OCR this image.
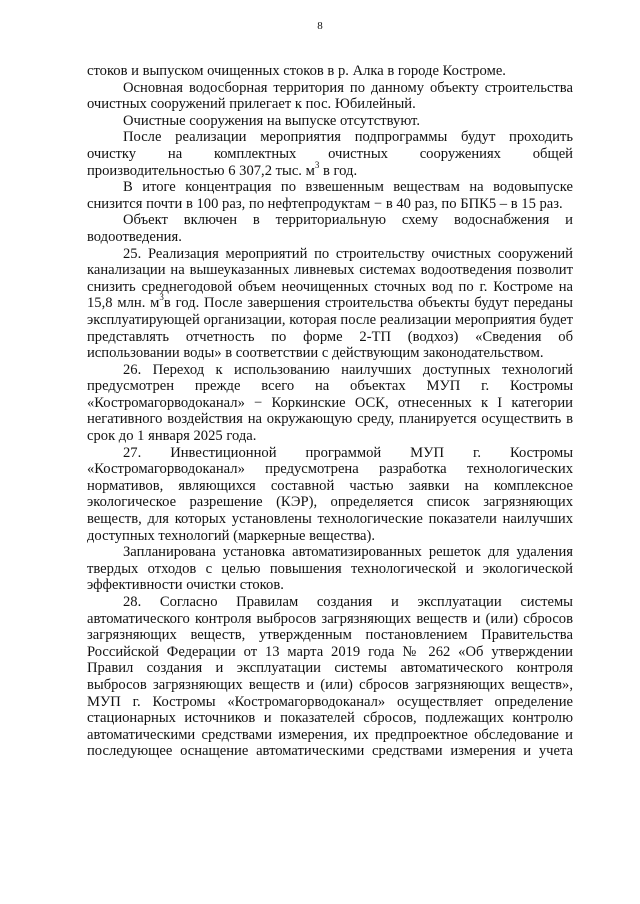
8

стоков и выпуском очищенных стоков в р. Алка в городе Костроме.

Основная водосборная территория по данному объекту строительства очистных сооружений прилегает к пос. Юбилейный.

Очистные сооружения на выпуске отсутствуют.

После реализации мероприятия подпрограммы будут проходить очистку на комплектных очистных сооружениях общей производительностью 6 307,2 тыс. $м^3$ в год.

В итоге концентрация по взвешенным веществам на водовыпуске снизится почти в 100 раз, по нефтепродуктам − в 40 раз, по БПК5 – в 15 раз.

Объект включен в территориальную схему водоснабжения и водоотведения.

25. Реализация мероприятий по строительству очистных сооружений канализации на вышеуказанных ливневых системах водоотведения позволит снизить среднегодовой объем неочищенных сточных вод по г. Костроме на 15,8 млн. $м^3в$ год. После завершения строительства объекты будут переданы эксплуатирующей организации, которая после реализации мероприятия будет представлять отчетность по форме 2-ТП (водхоз) «Сведения об использовании воды» в соответствии с действующим законодательством.

26. Переход к использованию наилучших доступных технологий предусмотрен прежде всего на объектах МУП г. Костромы «Костромагорводоканал» − Коркинские ОСК, отнесенных к I категории негативного воздействия на окружающую среду, планируется осуществить в срок до 1 января 2025 года.

27. Инвестиционной программой МУП г. Костромы «Костромагорводоканал» предусмотрена разработка технологических нормативов, являющихся составной частью заявки на комплексное экологическое разрешение (КЭР), определяется список загрязняющих веществ, для которых установлены технологические показатели наилучших доступных технологий (маркерные вещества).

Запланирована установка автоматизированных решеток для удаления твердых отходов с целью повышения технологической и экологической эффективности очистки стоков.

28. Согласно Правилам создания и эксплуатации системы автоматического контроля выбросов загрязняющих веществ и (или) сбросов загрязняющих веществ, утвержденным постановлением Правительства Российской Федерации от 13 марта 2019 года № 262 «Об утверждении Правил создания и эксплуатации системы автоматического контроля выбросов загрязняющих веществ и (или) сбросов загрязняющих веществ», МУП г. Костромы «Костромагорводоканал» осуществляет определение стационарных источников и показателей сбросов, подлежащих контролю автоматическими средствами измерения, их предпроектное обследование и последующее оснащение автоматическими средствами измерения и учета
